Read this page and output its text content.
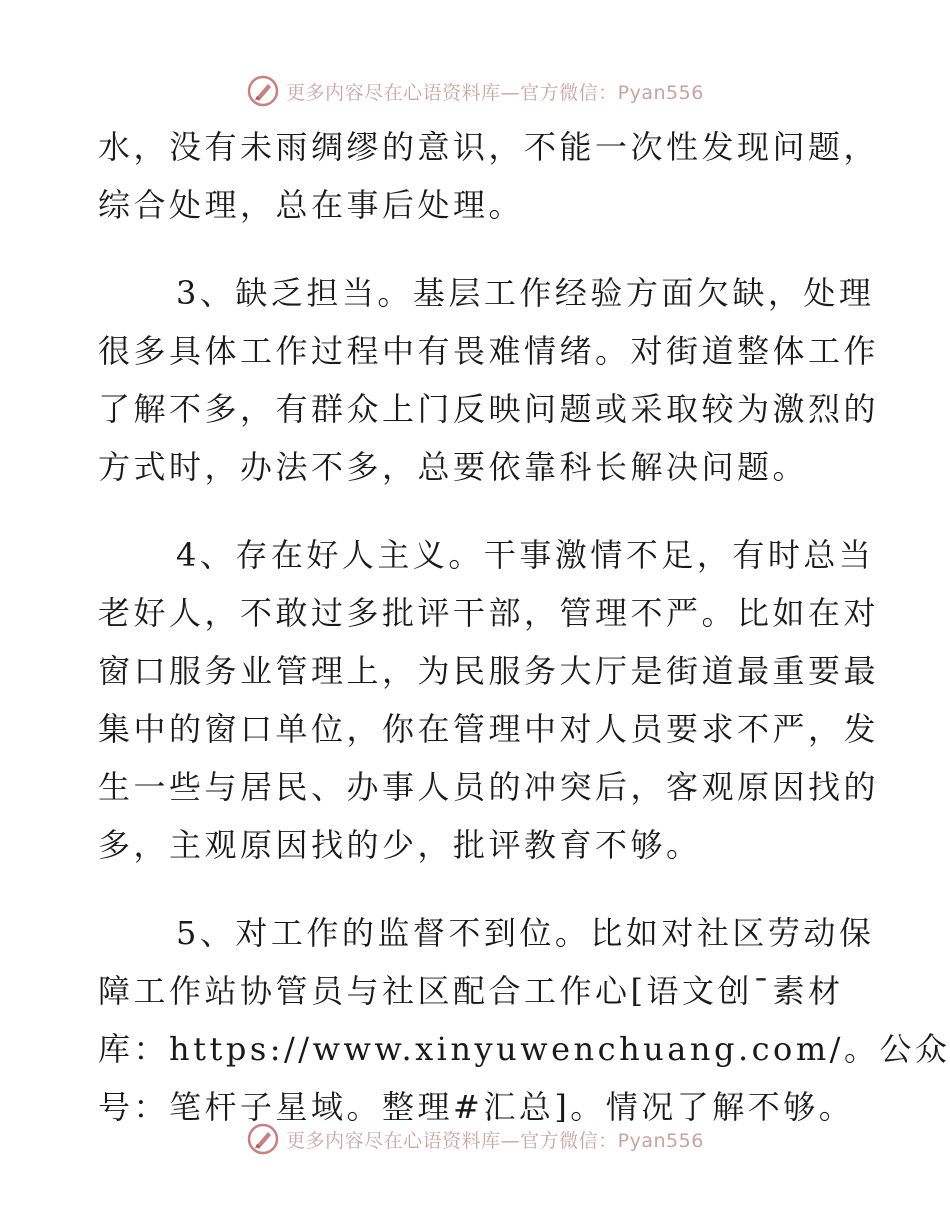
更多内容尽在心语资料库—官方微信：Pyan556
水，没有未雨绸缪的意识，不能一次性发现问题，
综合处理，总在事后处理。
3、缺乏担当。基层工作经验方面欠缺，处理
很多具体工作过程中有畏难情绪。对街道整体工作
了解不多，有群众上门反映问题或采取较为激烈的
方式时，办法不多，总要依靠科长解决问题。
4、存在好人主义。干事激情不足，有时总当
老好人，不敢过多批评干部，管理不严。比如在对
窗口服务业管理上，为民服务大厅是街道最重要最
集中的窗口单位，你在管理中对人员要求不严，发
生一些与居民、办事人员的冲突后，客观原因找的
多，主观原因找的少，批评教育不够。
5、对工作的监督不到位。比如对社区劳动保
障工作站协管员与社区配合工作心[语文创¯素材
库：https://www.xinyuwenchuang.com/。公众
号：笔杆子星域。整理#汇总]。情况了解不够。
更多内容尽在心语资料库—官方微信：Pyan556
